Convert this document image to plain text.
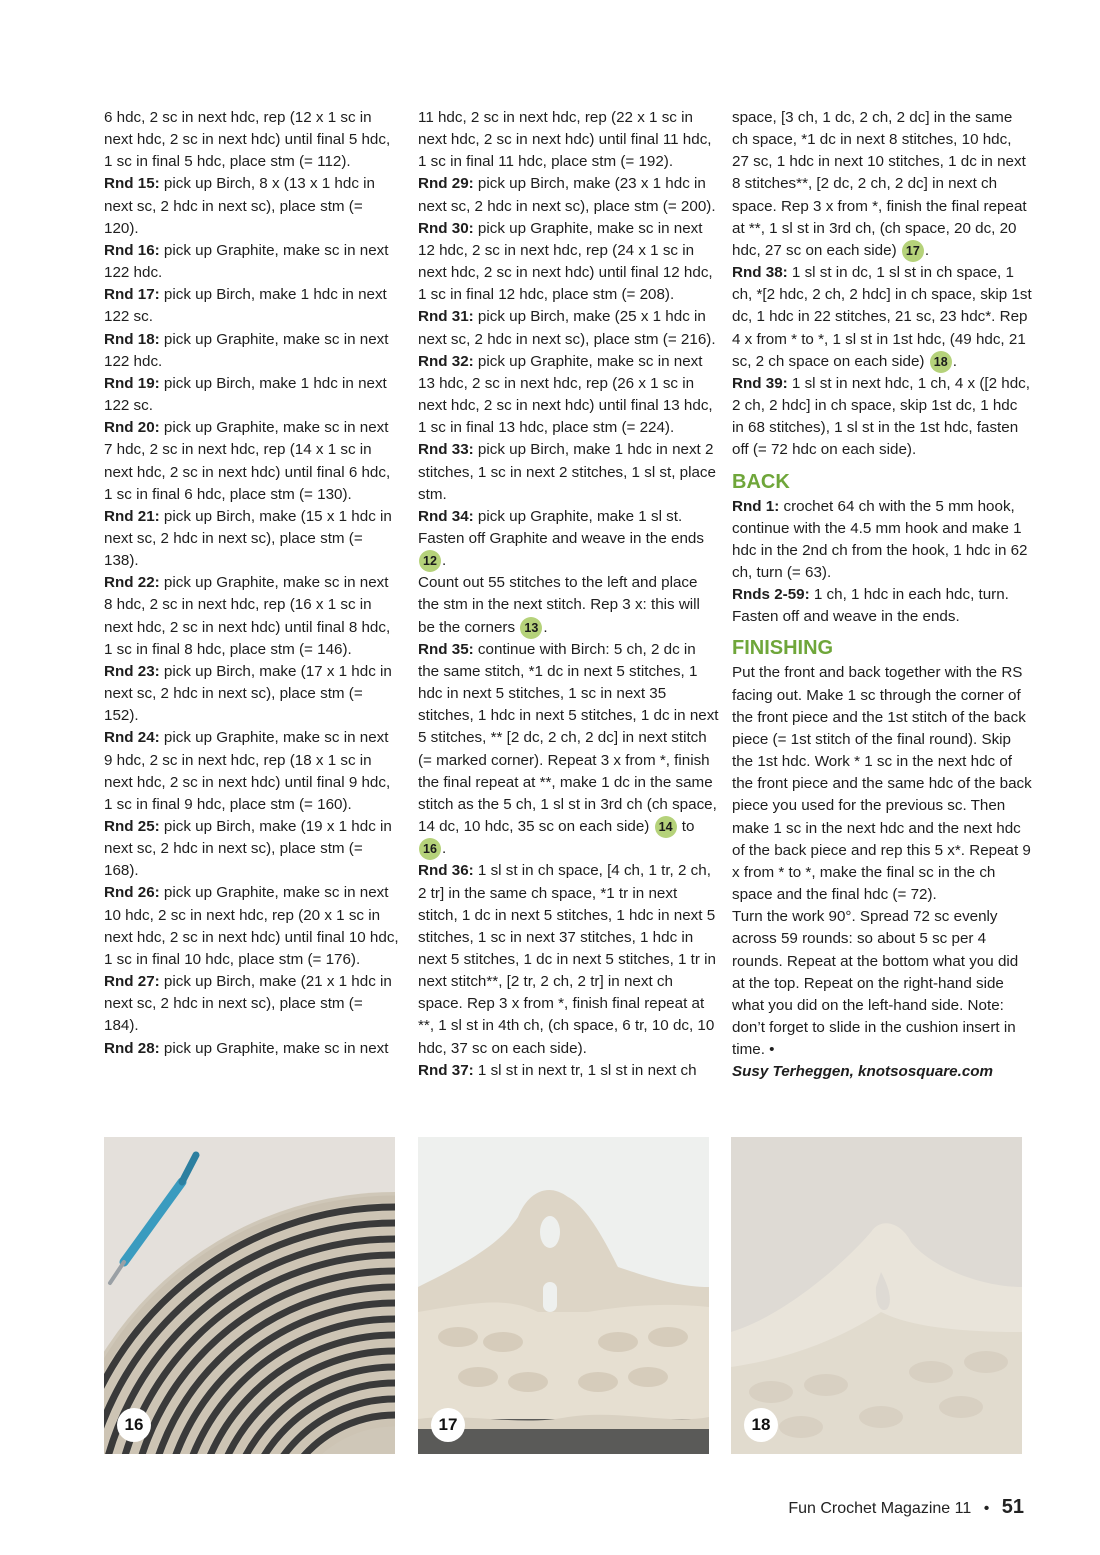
6 hdc, 2 sc in next hdc, rep (12 x 1 sc in next hdc, 2 sc in next hdc) until final 5 hdc, 1 sc in final 5 hdc, place stm (= 112).

Rnd 15: pick up Birch, 8 x (13 x 1 hdc in next sc, 2 hdc in next sc), place stm (= 120).

Rnd 16: pick up Graphite, make sc in next 122 hdc.

Rnd 17: pick up Birch, make 1 hdc in next 122 sc.

Rnd 18: pick up Graphite, make sc in next 122 hdc.

Rnd 19: pick up Birch, make 1 hdc in next 122 sc.

Rnd 20: pick up Graphite, make sc in next 7 hdc, 2 sc in next hdc, rep (14 x 1 sc in next hdc, 2 sc in next hdc) until final 6 hdc, 1 sc in final 6 hdc, place stm (= 130).

Rnd 21: pick up Birch, make (15 x 1 hdc in next sc, 2 hdc in next sc), place stm (= 138).

Rnd 22: pick up Graphite, make sc in next 8 hdc, 2 sc in next hdc, rep (16 x 1 sc in next hdc, 2 sc in next hdc) until final 8 hdc, 1 sc in final 8 hdc, place stm (= 146).

Rnd 23: pick up Birch, make (17 x 1 hdc in next sc, 2 hdc in next sc), place stm (= 152).

Rnd 24: pick up Graphite, make sc in next 9 hdc, 2 sc in next hdc, rep (18 x 1 sc in next hdc, 2 sc in next hdc) until final 9 hdc, 1 sc in final 9 hdc, place stm (= 160).

Rnd 25: pick up Birch, make (19 x 1 hdc in next sc, 2 hdc in next sc), place stm (= 168).

Rnd 26: pick up Graphite, make sc in next 10 hdc, 2 sc in next hdc, rep (20 x 1 sc in next hdc, 2 sc in next hdc) until final 10 hdc, 1 sc in final 10 hdc, place stm (= 176).

Rnd 27: pick up Birch, make (21 x 1 hdc in next sc, 2 hdc in next sc), place stm (= 184).

Rnd 28: pick up Graphite, make sc in next

11 hdc, 2 sc in next hdc, rep (22 x 1 sc in next hdc, 2 sc in next hdc) until final 11 hdc, 1 sc in final 11 hdc, place stm (= 192).

Rnd 29: pick up Birch, make (23 x 1 hdc in next sc, 2 hdc in next sc), place stm (= 200).

Rnd 30: pick up Graphite, make sc in next 12 hdc, 2 sc in next hdc, rep (24 x 1 sc in next hdc, 2 sc in next hdc) until final 12 hdc, 1 sc in final 12 hdc, place stm (= 208).

Rnd 31: pick up Birch, make (25 x 1 hdc in next sc, 2 hdc in next sc), place stm (= 216).

Rnd 32: pick up Graphite, make sc in next 13 hdc, 2 sc in next hdc, rep (26 x 1 sc in next hdc, 2 sc in next hdc) until final 13 hdc, 1 sc in final 13 hdc, place stm (= 224).

Rnd 33: pick up Birch, make 1 hdc in next 2 stitches, 1 sc in next 2 stitches, 1 sl st, place stm.

Rnd 34: pick up Graphite, make 1 sl st. Fasten off Graphite and weave in the ends 12 .

Count out 55 stitches to the left and place the stm in the next stitch. Rep 3 x: this will be the corners 13 .

Rnd 35: continue with Birch: 5 ch, 2 dc in the same stitch, *1 dc in next 5 stitches, 1 hdc in next 5 stitches, 1 sc in next 35 stitches, 1 hdc in next 5 stitches, 1 dc in next 5 stitches, ** [2 dc, 2 ch, 2 dc] in next stitch (= marked corner). Repeat 3 x from *, finish the final repeat at **, make 1 dc in the same stitch as the 5 ch, 1 sl st in 3rd ch (ch space, 14 dc, 10 hdc, 35 sc on each side) 14 to 16 .

Rnd 36: 1 sl st in ch space, [4 ch, 1 tr, 2 ch, 2 tr] in the same ch space, *1 tr in next stitch, 1 dc in next 5 stitches, 1 hdc in next 5 stitches, 1 sc in next 37 stitches, 1 hdc in next 5 stitches, 1 dc in next 5 stitches, 1 tr in next stitch**, [2 tr, 2 ch, 2 tr] in next ch space. Rep 3 x from *, finish final repeat at **, 1 sl st in 4th ch, (ch space, 6 tr, 10 dc, 10 hdc, 37 sc on each side).

Rnd 37: 1 sl st in next tr, 1 sl st in next ch

space, [3 ch, 1 dc, 2 ch, 2 dc] in the same ch space, *1 dc in next 8 stitches, 10 hdc, 27 sc, 1 hdc in next 10 stitches, 1 dc in next 8 stitches**, [2 dc, 2 ch, 2 dc] in next ch space. Rep 3 x from *, finish the final repeat at **, 1 sl st in 3rd ch, (ch space, 20 dc, 20 hdc, 27 sc on each side) 17 .

Rnd 38: 1 sl st in dc, 1 sl st in ch space, 1 ch, *[2 hdc, 2 ch, 2 hdc] in ch space, skip 1st dc, 1 hdc in 22 stitches, 21 sc, 23 hdc*. Rep 4 x from * to *, 1 sl st in 1st hdc, (49 hdc, 21 sc, 2 ch space on each side) 18 .

Rnd 39: 1 sl st in next hdc, 1 ch, 4 x ([2 hdc, 2 ch, 2 hdc] in ch space, skip 1st dc, 1 hdc in 68 stitches), 1 sl st in the 1st hdc, fasten off (= 72 hdc on each side).

BACK

Rnd 1: crochet 64 ch with the 5 mm hook, continue with the 4.5 mm hook and make 1 hdc in the 2nd ch from the hook, 1 hdc in 62 ch, turn (= 63).

Rnds 2-59: 1 ch, 1 hdc in each hdc, turn. Fasten off and weave in the ends.

FINISHING

Put the front and back together with the RS facing out. Make 1 sc through the corner of the front piece and the 1st stitch of the back piece (= 1st stitch of the final round). Skip the 1st hdc. Work * 1 sc in the next hdc of the front piece and the same hdc of the back piece you used for the previous sc. Then make 1 sc in the next hdc and the next hdc of the back piece and rep this 5 x*. Repeat 9 x from * to *, make the final sc in the ch space and the final hdc (= 72).

Turn the work 90°. Spread 72 sc evenly across 59 rounds: so about 5 sc per 4 rounds. Repeat at the bottom what you did at the top. Repeat on the right-hand side what you did on the left-hand side. Note: don’t forget to slide in the cushion insert in time. •

Susy Terheggen, knotsosquare.com

16	17	18
Fun Crochet Magazine 11 • 51
